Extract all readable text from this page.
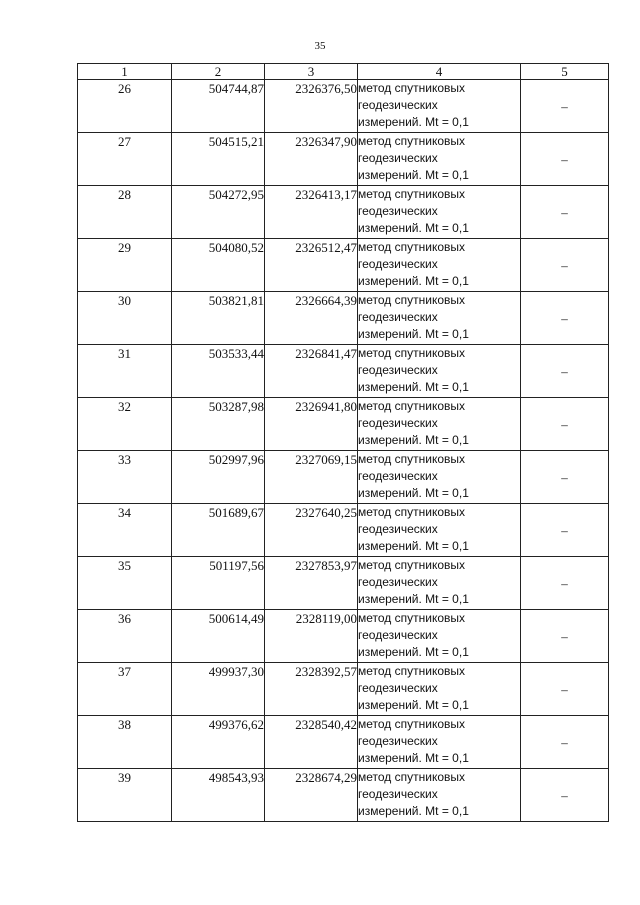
35
1	2	3	4	5
26	504744,87	2326376,50	метод спутниковых
геодезических
измерений. Mt = 0,1	–
27	504515,21	2326347,90	метод спутниковых
геодезических
измерений. Mt = 0,1	–
28	504272,95	2326413,17	метод спутниковых
геодезических
измерений. Mt = 0,1	–
29	504080,52	2326512,47	метод спутниковых
геодезических
измерений. Mt = 0,1	–
30	503821,81	2326664,39	метод спутниковых
геодезических
измерений. Mt = 0,1	–
31	503533,44	2326841,47	метод спутниковых
геодезических
измерений. Mt = 0,1	–
32	503287,98	2326941,80	метод спутниковых
геодезических
измерений. Mt = 0,1	–
33	502997,96	2327069,15	метод спутниковых
геодезических
измерений. Mt = 0,1	–
34	501689,67	2327640,25	метод спутниковых
геодезических
измерений. Mt = 0,1	–
35	501197,56	2327853,97	метод спутниковых
геодезических
измерений. Mt = 0,1	–
36	500614,49	2328119,00	метод спутниковых
геодезических
измерений. Mt = 0,1	–
37	499937,30	2328392,57	метод спутниковых
геодезических
измерений. Mt = 0,1	–
38	499376,62	2328540,42	метод спутниковых
геодезических
измерений. Mt = 0,1	–
39	498543,93	2328674,29	метод спутниковых
геодезических
измерений. Mt = 0,1	–
